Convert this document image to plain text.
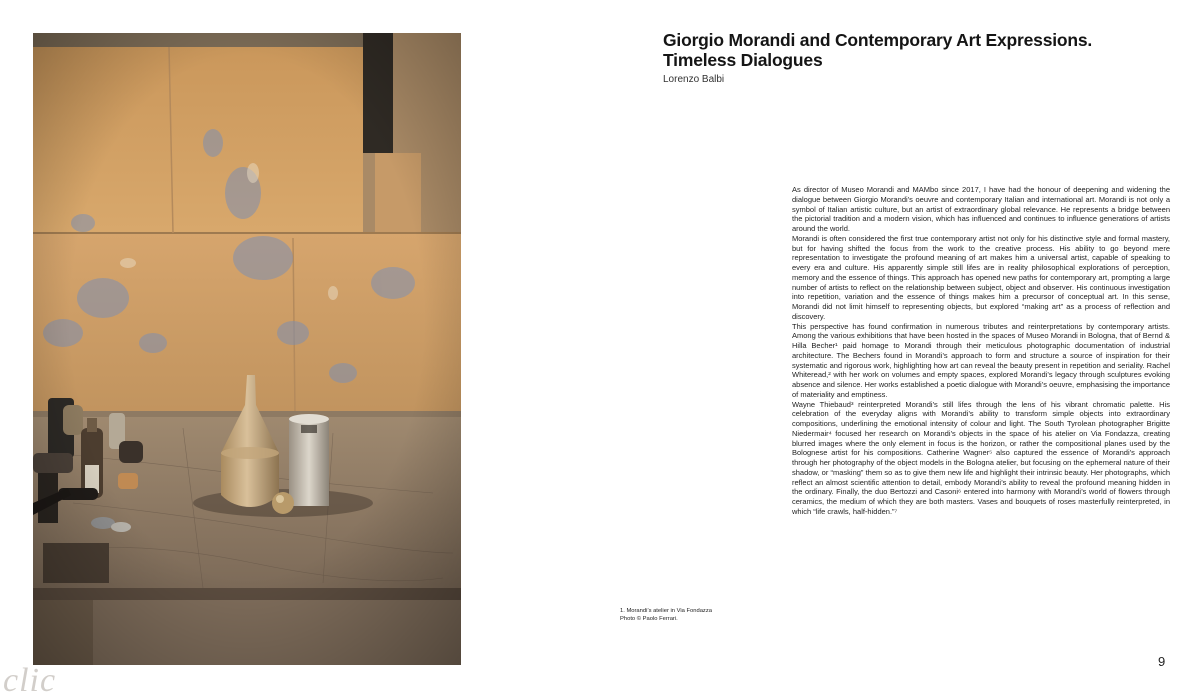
clic
1. Morandi’s atelier in Via Fondazza
Photo © Paolo Ferrari.
Giorgio Morandi and Contemporary Art Expressions.
Timeless Dialogues
Lorenzo Balbi

As director of Museo Morandi and MAMbo since 2017, I have had the honour of deepening and widening the dialogue between Giorgio Morandi’s oeuvre and contemporary Italian and international art. Morandi is not only a symbol of Italian artistic culture, but an artist of extraordinary global relevance. He represents a bridge between the pictorial tradition and a modern vision, which has influenced and continues to influence generations of artists around the world.

Morandi is often considered the first true contemporary artist not only for his distinctive style and formal mastery, but for having shifted the focus from the work to the creative process. His ability to go beyond mere representation to investigate the profound meaning of art makes him a universal artist, capable of speaking to every era and culture. His apparently simple still lifes are in reality philosophical explorations of perception, memory and the essence of things. This approach has opened new paths for contemporary art, prompting a large number of artists to reflect on the relationship between subject, object and observer. His continuous investigation into repetition, variation and the essence of things makes him a precursor of conceptual art. In this sense, Morandi did not limit himself to representing objects, but explored “making art” as a process of reflection and discovery.

This perspective has found confirmation in numerous tributes and reinterpretations by contemporary artists. Among the various exhibitions that have been hosted in the spaces of Museo Morandi in Bologna, that of Bernd & Hilla Becher¹ paid homage to Morandi through their meticulous photographic documentation of industrial architecture. The Bechers found in Morandi’s approach to form and structure a source of inspiration for their systematic and rigorous work, highlighting how art can reveal the beauty present in repetition and seriality. Rachel Whiteread,² with her work on volumes and empty spaces, explored Morandi’s legacy through sculptures evoking absence and silence. Her works established a poetic dialogue with Morandi’s oeuvre, emphasising the importance of materiality and emptiness.

Wayne Thiebaud³ reinterpreted Morandi’s still lifes through the lens of his vibrant chromatic palette. His celebration of the everyday aligns with Morandi’s ability to transform simple objects into extraordinary compositions, underlining the emotional intensity of colour and light. The South Tyrolean photographer Brigitte Niedermair⁴ focused her research on Morandi’s objects in the space of his atelier on Via Fondazza, creating blurred images where the only element in focus is the horizon, or rather the compositional planes used by the Bolognese artist for his compositions. Catherine Wagner⁵ also captured the essence of Morandi’s approach through her photography of the object models in the Bologna atelier, but focusing on the ephemeral nature of their shadow, or “masking” them so as to give them new life and highlight their intrinsic beauty. Her photographs, which reflect an almost scientific attention to detail, embody Morandi’s ability to reveal the profound meaning hidden in the ordinary. Finally, the duo Bertozzi and Casoni⁶ entered into harmony with Morandi’s world of flowers through ceramics, the medium of which they are both masters. Vases and bouquets of roses masterfully reinterpreted, in which “life crawls, half-hidden.”⁷

9
